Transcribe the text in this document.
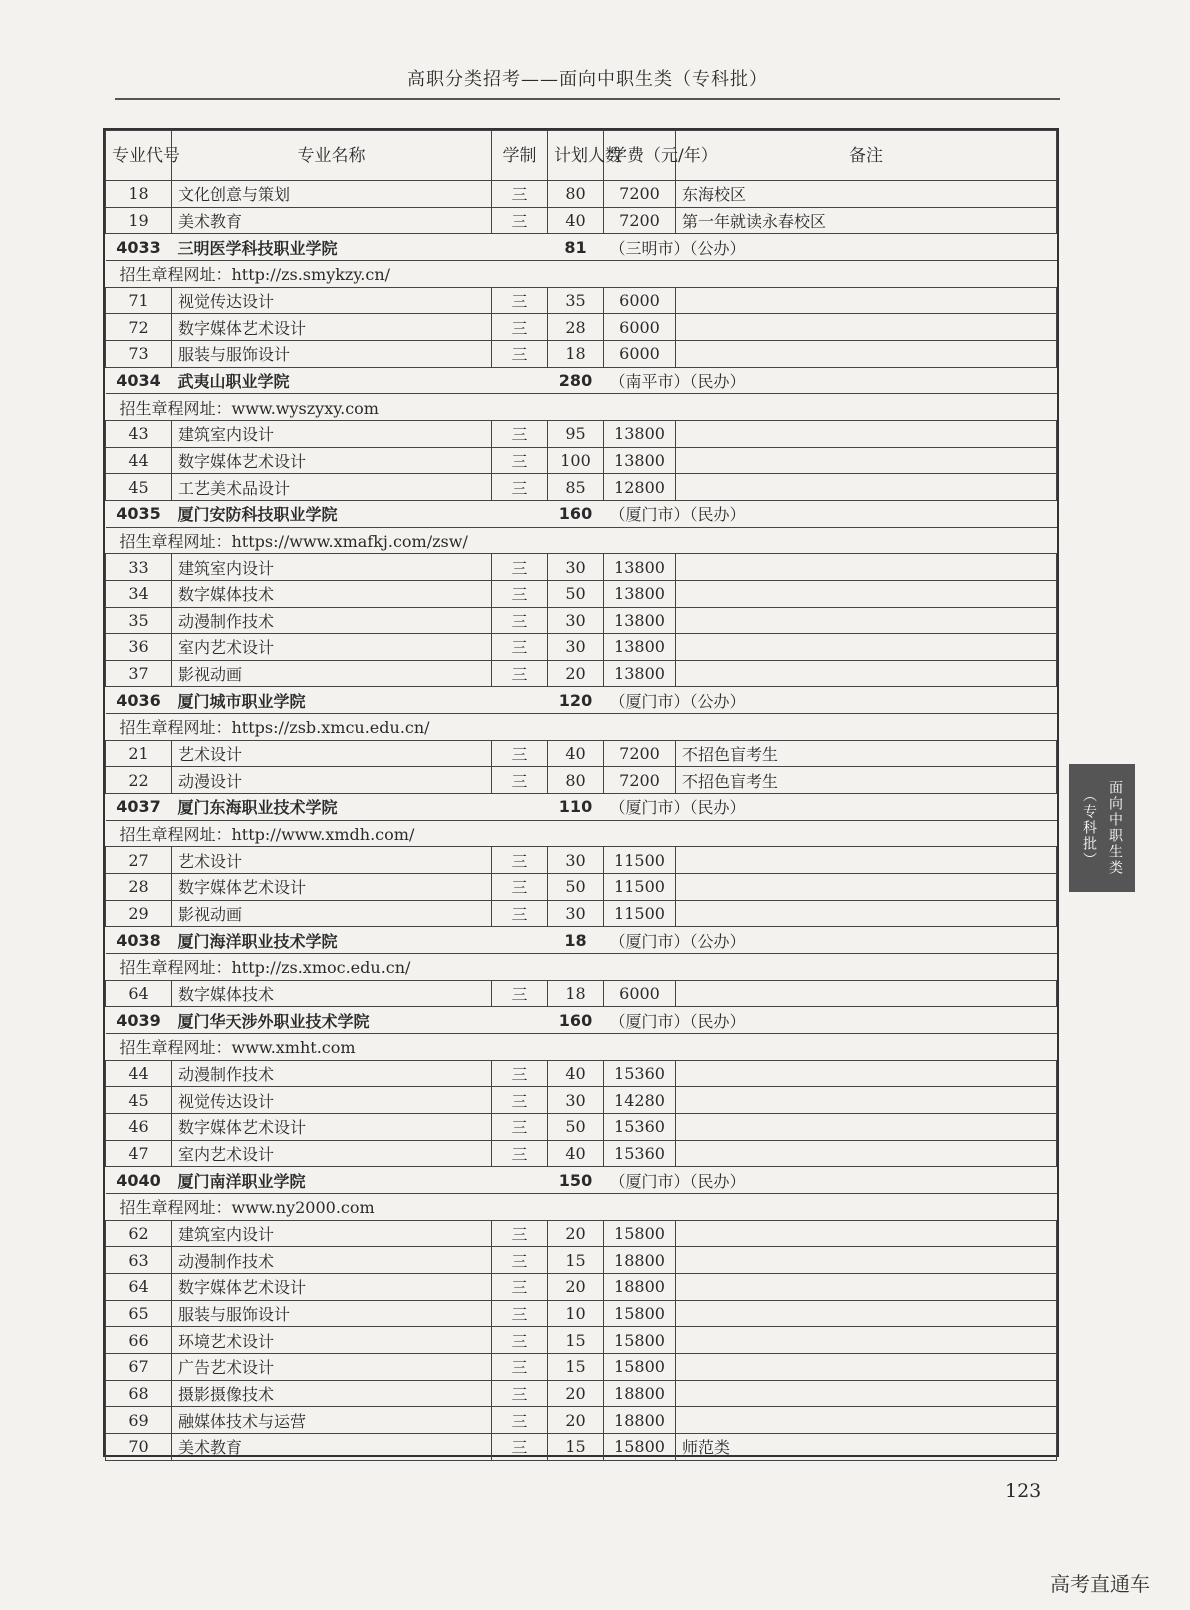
高职分类招考——面向中职生类（专科批）
专业代号	专业名称	学制	计划人数	学费（元/年）	备注
18	文化创意与策划	三	80	7200	东海校区
19	美术教育	三	40	7200	第一年就读永春校区
4033	三明医学科技职业学院		81	（三明市）（公办）	
招生章程网址：http://zs.smykzy.cn/					
71	视觉传达设计	三	35	6000	
72	数字媒体艺术设计	三	28	6000	
73	服装与服饰设计	三	18	6000	
4034	武夷山职业学院		280	（南平市）（民办）	
招生章程网址：www.wyszyxy.com					
43	建筑室内设计	三	95	13800	
44	数字媒体艺术设计	三	100	13800	
45	工艺美术品设计	三	85	12800	
4035	厦门安防科技职业学院		160	（厦门市）（民办）	
招生章程网址：https://www.xmafkj.com/zsw/					
33	建筑室内设计	三	30	13800	
34	数字媒体技术	三	50	13800	
35	动漫制作技术	三	30	13800	
36	室内艺术设计	三	30	13800	
37	影视动画	三	20	13800	
4036	厦门城市职业学院		120	（厦门市）（公办）	
招生章程网址：https://zsb.xmcu.edu.cn/					
21	艺术设计	三	40	7200	不招色盲考生
22	动漫设计	三	80	7200	不招色盲考生
4037	厦门东海职业技术学院		110	（厦门市）（民办）	
招生章程网址：http://www.xmdh.com/					
27	艺术设计	三	30	11500	
28	数字媒体艺术设计	三	50	11500	
29	影视动画	三	30	11500	
4038	厦门海洋职业技术学院		18	（厦门市）（公办）	
招生章程网址：http://zs.xmoc.edu.cn/					
64	数字媒体技术	三	18	6000	
4039	厦门华天涉外职业技术学院		160	（厦门市）（民办）	
招生章程网址：www.xmht.com					
44	动漫制作技术	三	40	15360	
45	视觉传达设计	三	30	14280	
46	数字媒体艺术设计	三	50	15360	
47	室内艺术设计	三	40	15360	
4040	厦门南洋职业学院		150	（厦门市）（民办）	
招生章程网址：www.ny2000.com					
62	建筑室内设计	三	20	15800	
63	动漫制作技术	三	15	18800	
64	数字媒体艺术设计	三	20	18800	
65	服装与服饰设计	三	10	15800	
66	环境艺术设计	三	15	15800	
67	广告艺术设计	三	15	15800	
68	摄影摄像技术	三	20	18800	
69	融媒体技术与运营	三	20	18800	
70	美术教育	三	15	15800	师范类
面向中职生类
（专科批）
123
高考直通车
